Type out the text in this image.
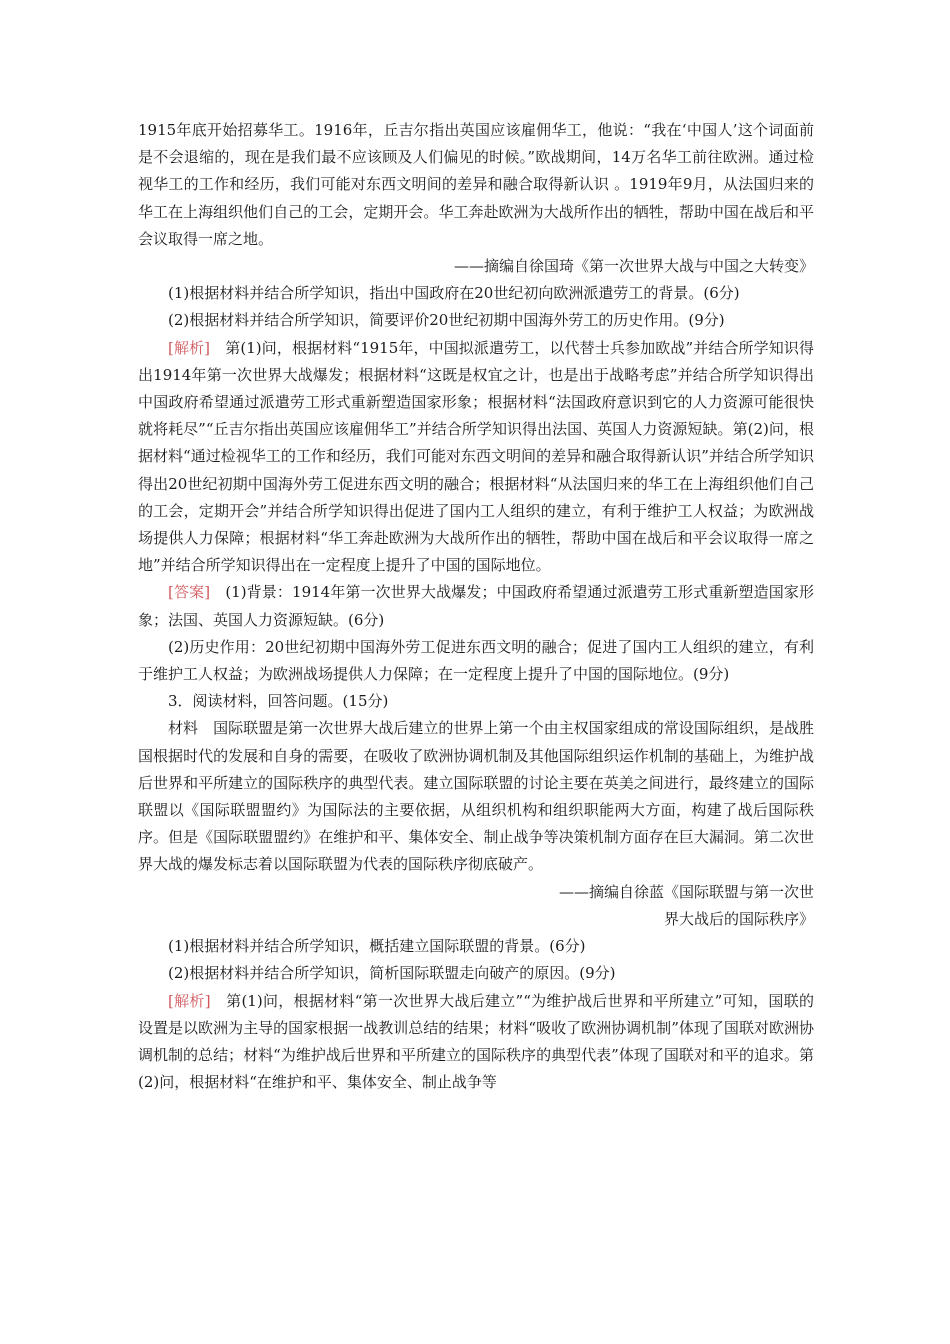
1915年底开始招募华工。1916年，丘吉尔指出英国应该雇佣华工，他说：“我在‘中国人’这个词面前是不会退缩的，现在是我们最不应该顾及人们偏见的时候。”欧战期间，14万名华工前往欧洲。通过检视华工的工作和经历，我们可能对东西文明间的差异和融合取得新认识 。1919年9月，从法国归来的华工在上海组织他们自己的工会，定期开会。华工奔赴欧洲为大战所作出的牺牲，帮助中国在战后和平会议取得一席之地。

——摘编自徐国琦《第一次世界大战与中国之大转变》

(1)根据材料并结合所学知识，指出中国政府在20世纪初向欧洲派遣劳工的背景。(6分)

(2)根据材料并结合所学知识，简要评价20世纪初期中国海外劳工的历史作用。(9分)

[解析]　 第(1)问，根据材料“1915年，中国拟派遣劳工，以代替士兵参加欧战”并结合所学知识得出1914年第一次世界大战爆发；根据材料“这既是权宜之计，也是出于战略考虑”并结合所学知识得出中国政府希望通过派遣劳工形式重新塑造国家形象；根据材料“法国政府意识到它的人力资源可能很快就将耗尽”“丘吉尔指出英国应该雇佣华工”并结合所学知识得出法国、英国人力资源短缺。第(2)问，根据材料“通过检视华工的工作和经历，我们可能对东西文明间的差异和融合取得新认识”并结合所学知识得出20世纪初期中国海外劳工促进东西文明的融合；根据材料“从法国归来的华工在上海组织他们自己的工会，定期开会”并结合所学知识得出促进了国内工人组织的建立，有利于维护工人权益；为欧洲战场提供人力保障；根据材料“华工奔赴欧洲为大战所作出的牺牲，帮助中国在战后和平会议取得一席之地”并结合所学知识得出在一定程度上提升了中国的国际地位。

[答案]　 (1)背景：1914年第一次世界大战爆发；中国政府希望通过派遣劳工形式重新塑造国家形象；法国、英国人力资源短缺。(6分)

(2)历史作用：20世纪初期中国海外劳工促进东西文明的融合；促进了国内工人组织的建立，有利于维护工人权益；为欧洲战场提供人力保障；在一定程度上提升了中国的国际地位。(9分)

3．阅读材料，回答问题。(15分)

材料　国际联盟是第一次世界大战后建立的世界上第一个由主权国家组成的常设国际组织，是战胜国根据时代的发展和自身的需要，在吸收了欧洲协调机制及其他国际组织运作机制的基础上，为维护战后世界和平所建立的国际秩序的典型代表。建立国际联盟的讨论主要在英美之间进行，最终建立的国际联盟以《国际联盟盟约》为国际法的主要依据，从组织机构和组织职能两大方面，构建了战后国际秩序。但是《国际联盟盟约》在维护和平、集体安全、制止战争等决策机制方面存在巨大漏洞。第二次世界大战的爆发标志着以国际联盟为代表的国际秩序彻底破产。

——摘编自徐蓝《国际联盟与第一次世

界大战后的国际秩序》

(1)根据材料并结合所学知识，概括建立国际联盟的背景。(6分)

(2)根据材料并结合所学知识，简析国际联盟走向破产的原因。(9分)

[解析]　 第(1)问，根据材料“第一次世界大战后建立”“为维护战后世界和平所建立”可知，国联的设置是以欧洲为主导的国家根据一战教训总结的结果；材料“吸收了欧洲协调机制”体现了国联对欧洲协调机制的总结；材料“为维护战后世界和平所建立的国际秩序的典型代表”体现了国联对和平的追求。第(2)问，根据材料“在维护和平、集体安全、制止战争等
